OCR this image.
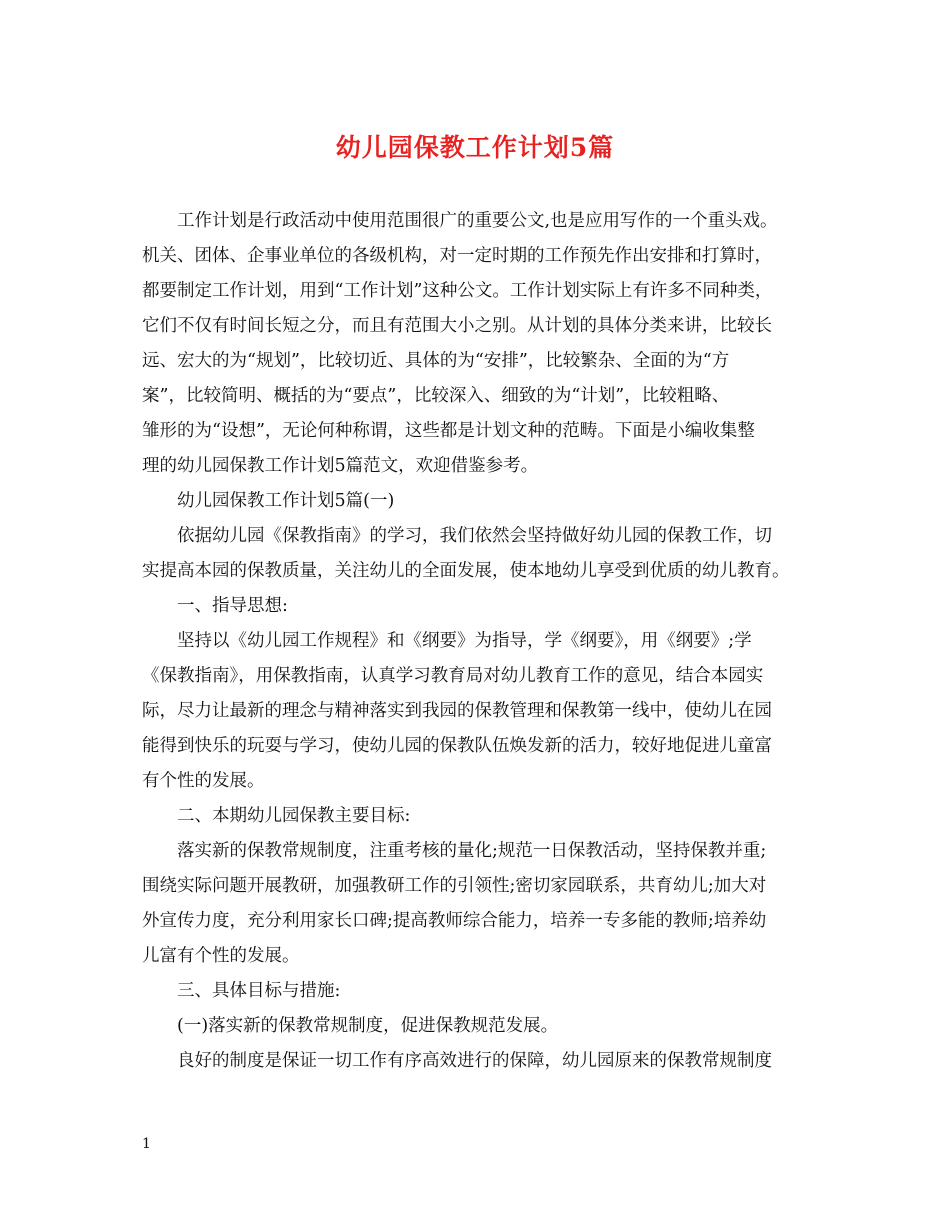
幼儿园保教工作计划5篇
工作计划是行政活动中使用范围很广的重要公文,也是应用写作的一个重头戏。
机关、团体、企事业单位的各级机构，对一定时期的工作预先作出安排和打算时，
都要制定工作计划，用到“工作计划”这种公文。工作计划实际上有许多不同种类，
它们不仅有时间长短之分，而且有范围大小之别。从计划的具体分类来讲，比较长
远、宏大的为“规划”，比较切近、具体的为“安排”，比较繁杂、全面的为“方
案”，比较简明、概括的为“要点”，比较深入、细致的为“计划”，比较粗略、
雏形的为“设想”，无论何种称谓，这些都是计划文种的范畴。下面是小编收集整
理的幼儿园保教工作计划5篇范文，欢迎借鉴参考。
幼儿园保教工作计划5篇(一)
依据幼儿园《保教指南》的学习，我们依然会坚持做好幼儿园的保教工作，切
实提高本园的保教质量，关注幼儿的全面发展，使本地幼儿享受到优质的幼儿教育。
一、指导思想:
坚持以《幼儿园工作规程》和《纲要》为指导，学《纲要》，用《纲要》;学
《保教指南》，用保教指南，认真学习教育局对幼儿教育工作的意见，结合本园实
际，尽力让最新的理念与精神落实到我园的保教管理和保教第一线中，使幼儿在园
能得到快乐的玩耍与学习，使幼儿园的保教队伍焕发新的活力，较好地促进儿童富
有个性的发展。
二、本期幼儿园保教主要目标:
落实新的保教常规制度，注重考核的量化;规范一日保教活动，坚持保教并重;
围绕实际问题开展教研，加强教研工作的引领性;密切家园联系，共育幼儿;加大对
外宣传力度，充分利用家长口碑;提高教师综合能力，培养一专多能的教师;培养幼
儿富有个性的发展。
三、具体目标与措施:
(一)落实新的保教常规制度，促进保教规范发展。
良好的制度是保证一切工作有序高效进行的保障，幼儿园原来的保教常规制度
1
